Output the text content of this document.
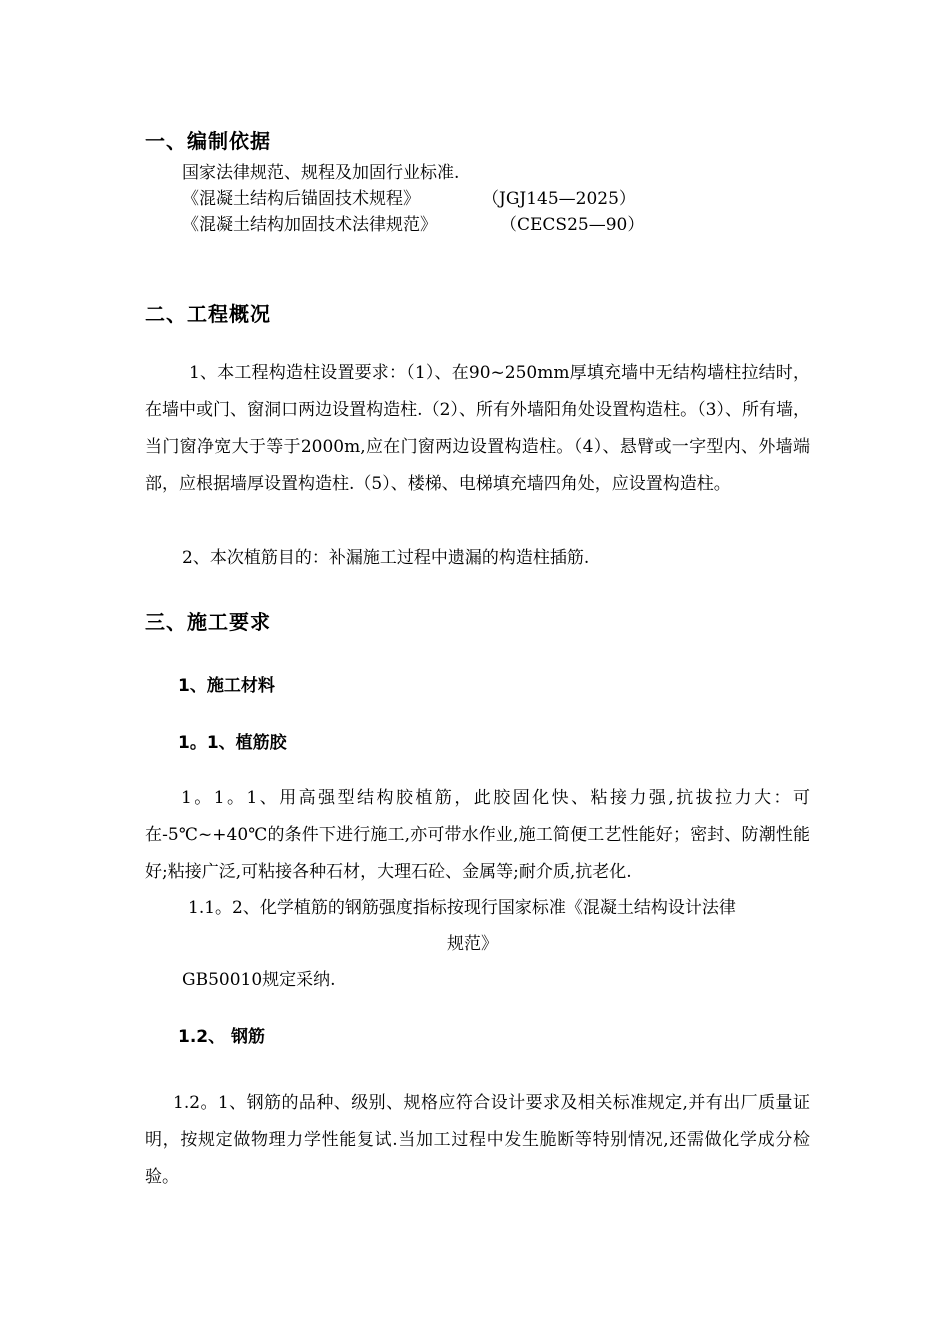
一、编制依据
国家法律规范、规程及加固行业标准.
《混凝土结构后锚固技术规程》	（JGJ145—2025）
《混凝土结构加固技术法律规范》	（CECS25—90）
二、工程概况
1、本工程构造柱设置要求：（1）、在90~250mm厚填充墙中无结构墙柱拉结时，在墙中或门、窗洞口两边设置构造柱.（2）、所有外墙阳角处设置构造柱。（3）、所有墙，当门窗净宽大于等于2000m,应在门窗两边设置构造柱。（4）、悬臂或一字型内、外墙端部，应根据墙厚设置构造柱.（5）、楼梯、电梯填充墙四角处，应设置构造柱。
2、本次植筋目的：补漏施工过程中遗漏的构造柱插筋.
三、施工要求
1、施工材料
1。1、植筋胶
1。1。1、用高强型结构胶植筋，此胶固化快、粘接力强,抗拔拉力大：可在-5℃~+40℃的条件下进行施工,亦可带水作业,施工简便工艺性能好；密封、防潮性能好;粘接广泛,可粘接各种石材，大理石砼、金属等;耐介质,抗老化.
1.1。2、化学植筋的钢筋强度指标按现行国家标准《混凝土结构设计法律
规范》
GB50010规定采纳.
1.2、 钢筋
1.2。1、钢筋的品种、级别、规格应符合设计要求及相关标准规定,并有出厂质量证明，按规定做物理力学性能复试.当加工过程中发生脆断等特别情况,还需做化学成分检验。
